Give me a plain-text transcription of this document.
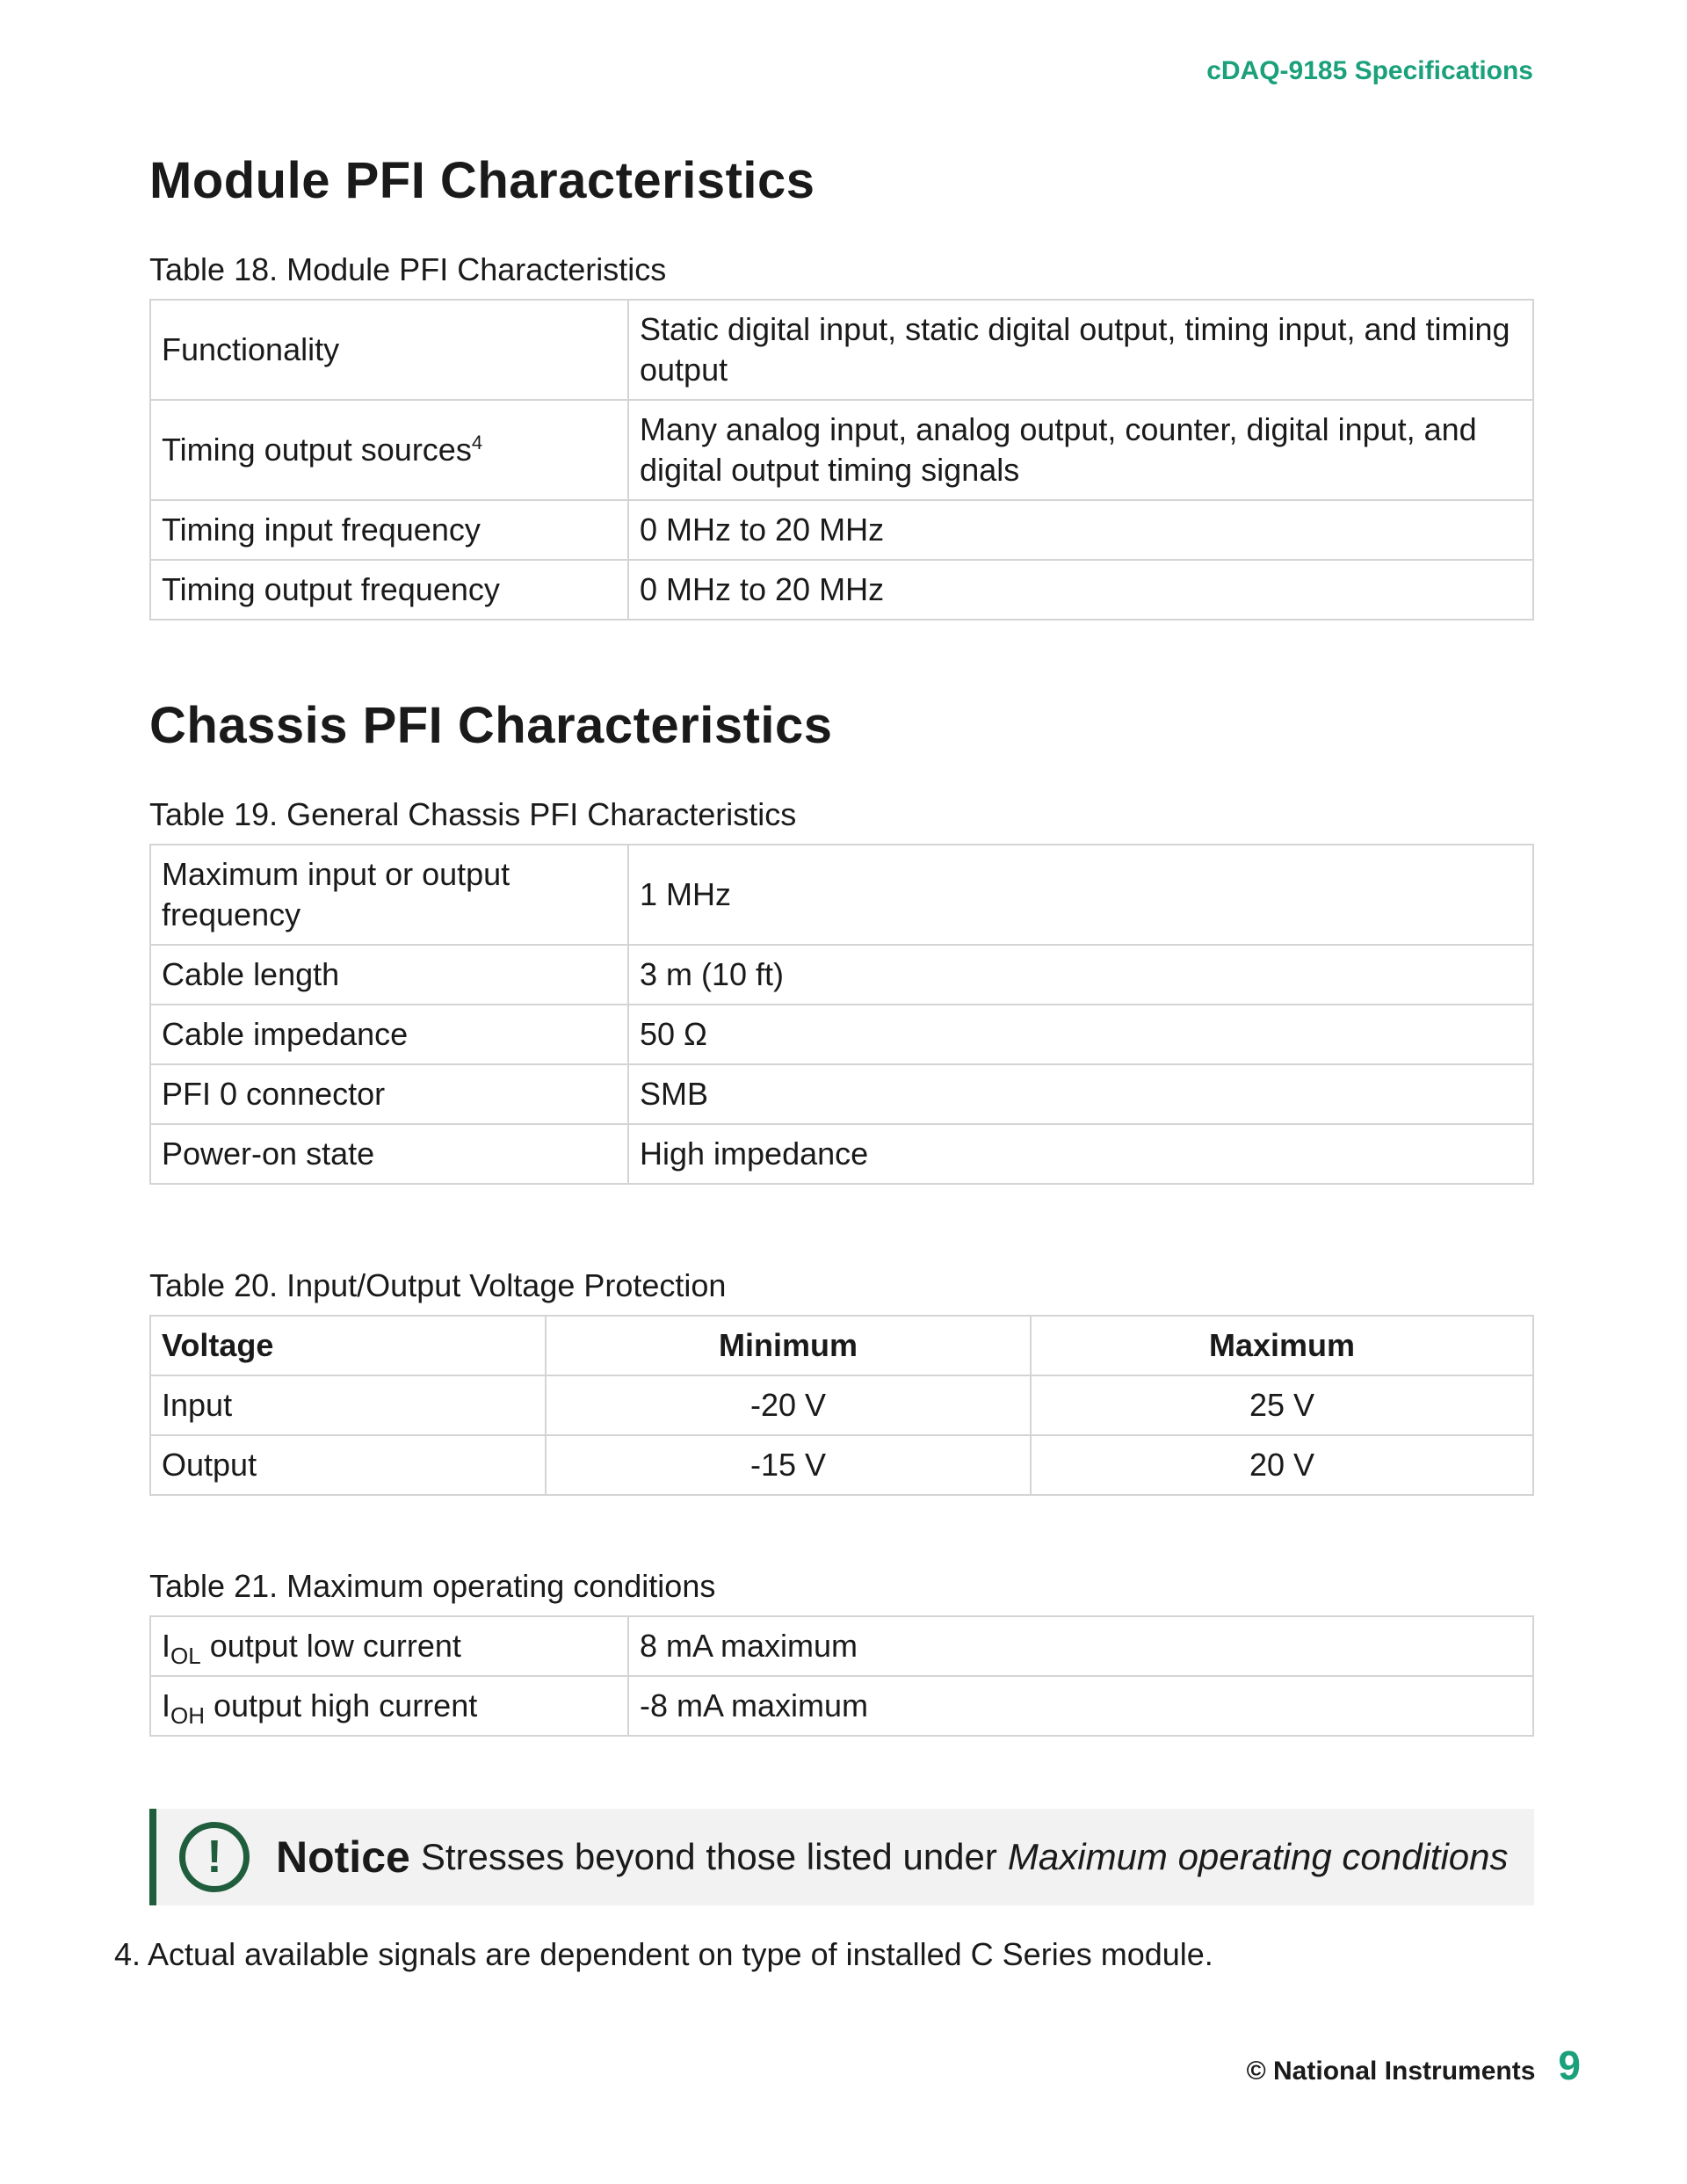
cDAQ-9185 Specifications
Module PFI Characteristics
Table 18. Module PFI Characteristics
Functionality	Static digital input, static digital output, timing input, and timing output
Timing output sources$^4$	Many analog input, analog output, counter, digital input, and digital output timing signals
Timing input frequency	0 MHz to 20 MHz
Timing output frequency	0 MHz to 20 MHz
Chassis PFI Characteristics
Table 19. General Chassis PFI Characteristics
Maximum input or output frequency	1 MHz
Cable length	3 m (10 ft)
Cable impedance	50 Ω
PFI 0 connector	SMB
Power-on state	High impedance
Table 20. Input/Output Voltage Protection
Voltage	Minimum	Maximum
Input	-20 V	25 V
Output	-15 V	20 V
Table 21. Maximum operating conditions
$I_{OL}$ output low current	8 mA maximum
$I_{OH}$ output high current	-8 mA maximum
!	Notice Stresses beyond those listed under Maximum operating conditions
4. Actual available signals are dependent on type of installed C Series module.
© National Instruments 9
